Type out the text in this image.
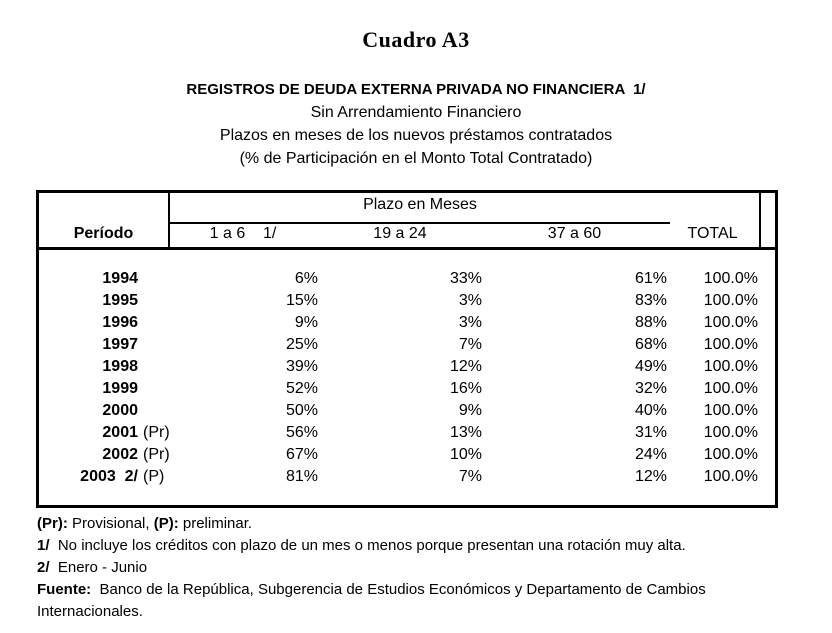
Cuadro A3
REGISTROS DE DEUDA EXTERNA PRIVADA NO FINANCIERA  1/
Sin Arrendamiento Financiero
Plazos en meses de los nuevos préstamos contratados
(% de Participación en el Monto Total Contratado)
Plazo en Meses
Período	1 a 6    1/	19 a 24	37 a 60	TOTAL
1994	6%	33%	61%	100.0%
1995	15%	3%	83%	100.0%
1996	9%	3%	88%	100.0%
1997	25%	7%	68%	100.0%
1998	39%	12%	49%	100.0%
1999	52%	16%	32%	100.0%
2000	50%	9%	40%	100.0%
2001 (Pr)	56%	13%	31%	100.0%
2002 (Pr)	67%	10%	24%	100.0%
2003  2/ (P)	81%	7%	12%	100.0%
(Pr): Provisional, (P): preliminar.
1/  No incluye los créditos con plazo de un mes o menos porque presentan una rotación muy alta.
2/  Enero - Junio
Fuente:  Banco de la República, Subgerencia de Estudios Económicos y Departamento de Cambios Internacionales.
